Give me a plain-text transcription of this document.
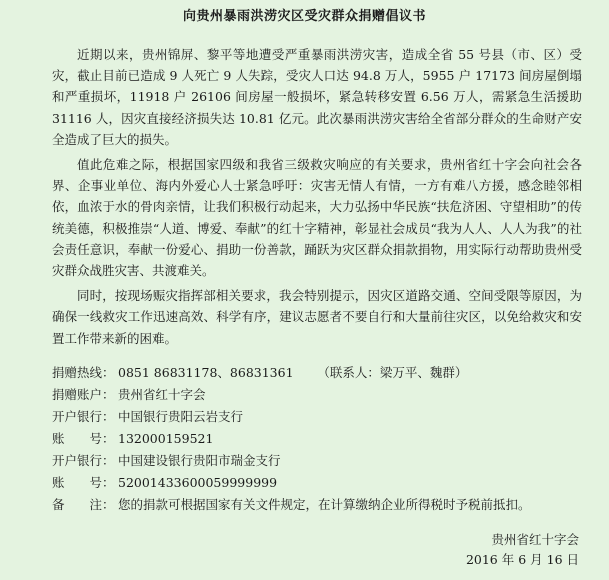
向贵州暴雨洪涝灾区受灾群众捐赠倡议书

近期以来，贵州锦屏、黎平等地遭受严重暴雨洪涝灾害，造成全省 55 号县（市、区）受灾，截止目前已造成 9 人死亡 9 人失踪，受灾人口达 94.8 万人，5955 户 17173 间房屋倒塌和严重损坏，11918 户 26106 间房屋一般损坏，紧急转移安置 6.56 万人，需紧急生活援助 31116 人，因灾直接经济损失达 10.81 亿元。此次暴雨洪涝灾害给全省部分群众的生命财产安全造成了巨大的损失。

值此危难之际，根据国家四级和我省三级救灾响应的有关要求，贵州省红十字会向社会各界、企事业单位、海内外爱心人士紧急呼吁：灾害无情人有情，一方有难八方援，感念睦邻相依，血浓于水的骨肉亲情，让我们积极行动起来，大力弘扬中华民族“扶危济困、守望相助”的传统美德，积极推崇“人道、博爱、奉献”的红十字精神，彰显社会成员“我为人人、人人为我”的社会责任意识，奉献一份爱心、捐助一份善款，踊跃为灾区群众捐款捐物，用实际行动帮助贵州受灾群众战胜灾害、共渡难关。

同时，按现场赈灾指挥部相关要求，我会特别提示，因灾区道路交通、空间受限等原因，为确保一线救灾工作迅速高效、科学有序，建议志愿者不要自行和大量前往灾区，以免给救灾和安置工作带来新的困难。

捐赠热线： 0851 86831178、86831361      （联系人：梁万平、魏群）
捐赠账户： 贵州省红十字会
开户银行： 中国银行贵阳云岩支行
账　　号： 132000159521
开户银行： 中国建设银行贵阳市瑞金支行
账　　号： 52001433600059999999
备　　注： 您的捐款可根据国家有关文件规定，在计算缴纳企业所得税时予税前抵扣。
贵州省红十字会
2016 年 6 月 16 日
